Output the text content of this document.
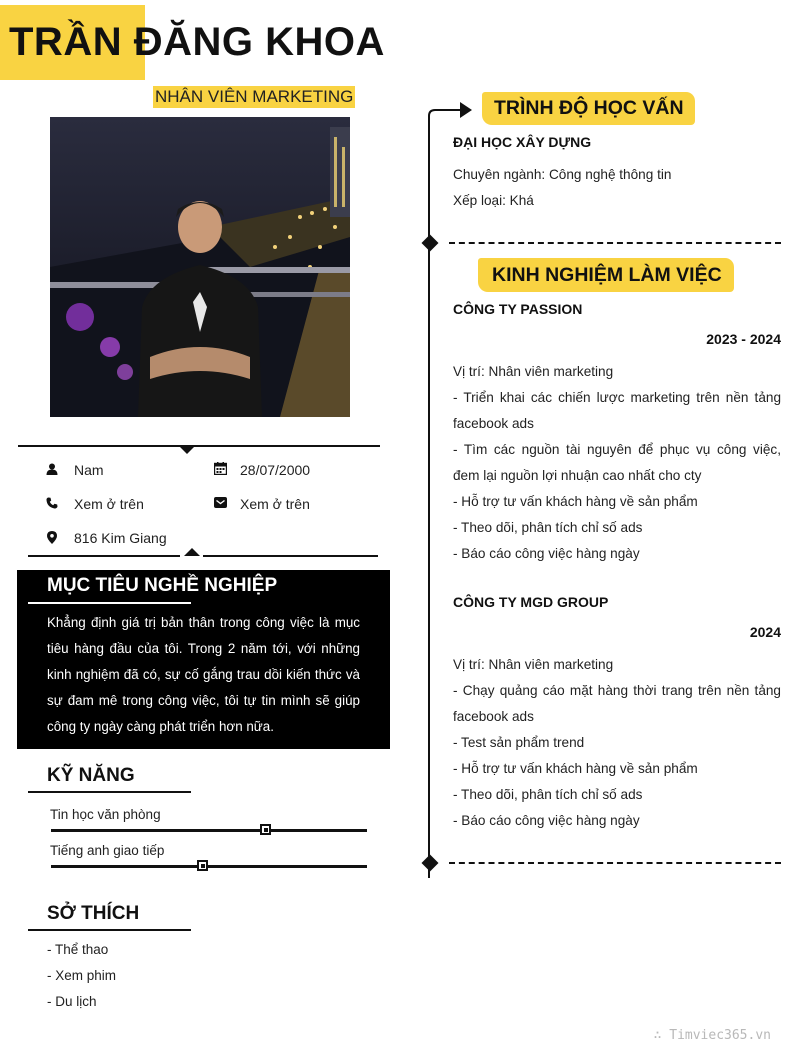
TRẦN ĐĂNG KHOA
NHÂN VIÊN MARKETING
Nam	28/07/2000
Xem ở trên	Xem ở trên
816 Kim Giang
MỤC TIÊU NGHỀ NGHIỆP
Khẳng định giá trị bản thân trong công việc là mục tiêu hàng đầu của tôi. Trong 2 năm tới, với những kinh nghiệm đã có, sự cố gắng trau dồi kiến thức và sự đam mê trong công việc, tôi tự tin mình sẽ giúp công ty ngày càng phát triển hơn nữa.
KỸ NĂNG
Tin học văn phòng
Tiếng anh giao tiếp
SỞ THÍCH
- Thể thao
- Xem phim
- Du lịch
TRÌNH ĐỘ HỌC VẤN
ĐẠI HỌC XÂY DỰNG
Chuyên ngành: Công nghệ thông tin
Xếp loại: Khá
KINH NGHIỆM LÀM VIỆC
CÔNG TY PASSION
2023 - 2024

Vị trí: Nhân viên marketing

- Triển khai các chiến lược marketing trên nền tảng facebook ads

- Tìm các nguồn tài nguyên để phục vụ công việc, đem lại nguồn lợi nhuận cao nhất cho cty

- Hỗ trợ tư vấn khách hàng về sản phẩm

- Theo dõi, phân tích chỉ số ads

- Báo cáo công việc hàng ngày

CÔNG TY MGD GROUP
2024

Vị trí: Nhân viên marketing

- Chạy quảng cáo mặt hàng thời trang trên nền tảng facebook ads

- Test sản phẩm trend

- Hỗ trợ tư vấn khách hàng về sản phẩm

- Theo dõi, phân tích chỉ số ads

- Báo cáo công việc hàng ngày

∴ Timviec365.vn
